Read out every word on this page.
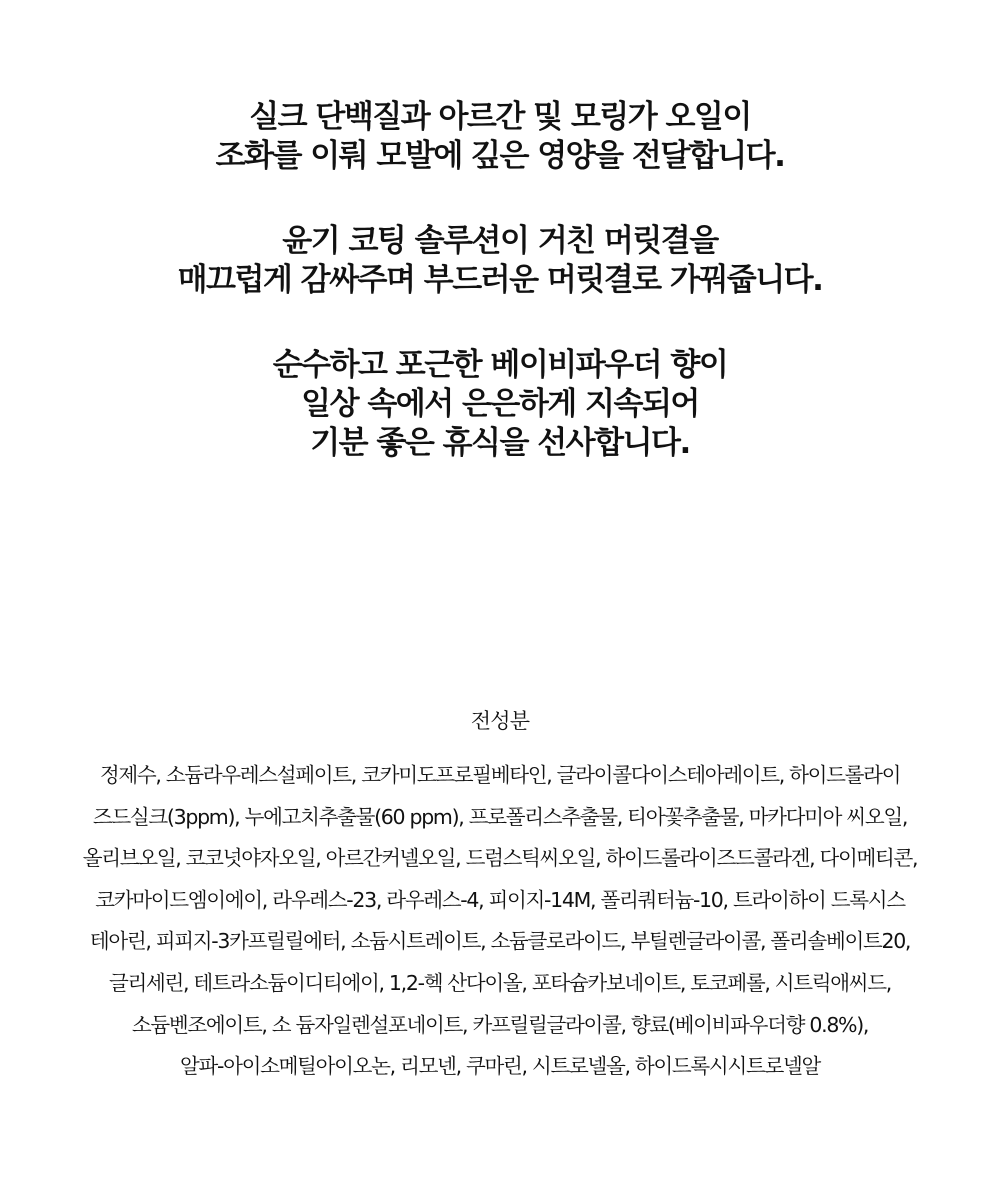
실크 단백질과 아르간 및 모링가 오일이
조화를 이뤄 모발에 깊은 영양을 전달합니다.
윤기 코팅 솔루션이 거친 머릿결을
매끄럽게 감싸주며 부드러운 머릿결로 가꿔줍니다.
순수하고 포근한 베이비파우더 향이
일상 속에서 은은하게 지속되어
기분 좋은 휴식을 선사합니다.
전성분
정제수, 소듐라우레스설페이트, 코카미도프로필베타인, 글라이콜다이스테아레이트, 하이드롤라이
즈드실크(3ppm), 누에고치추출물(60 ppm), 프로폴리스추출물, 티아꽃추출물, 마카다미아 씨오일,
올리브오일, 코코넛야자오일, 아르간커넬오일, 드럼스틱씨오일, 하이드롤라이즈드콜라겐, 다이메티콘,
코카마이드엠이에이, 라우레스-23, 라우레스-4, 피이지-14M, 폴리쿼터늄-10, 트라이하이 드록시스
테아린, 피피지-3카프릴릴에터, 소듐시트레이트, 소듐클로라이드, 부틸렌글라이콜, 폴리솔베이트20,
글리세린, 테트라소듐이디티에이, 1,2-헥 산다이올, 포타슘카보네이트, 토코페롤, 시트릭애씨드,
소듐벤조에이트, 소 듐자일렌설포네이트, 카프릴릴글라이콜, 향료(베이비파우더향 0.8%),
알파-아이소메틸아이오논, 리모넨, 쿠마린, 시트로넬올, 하이드록시시트로넬알
